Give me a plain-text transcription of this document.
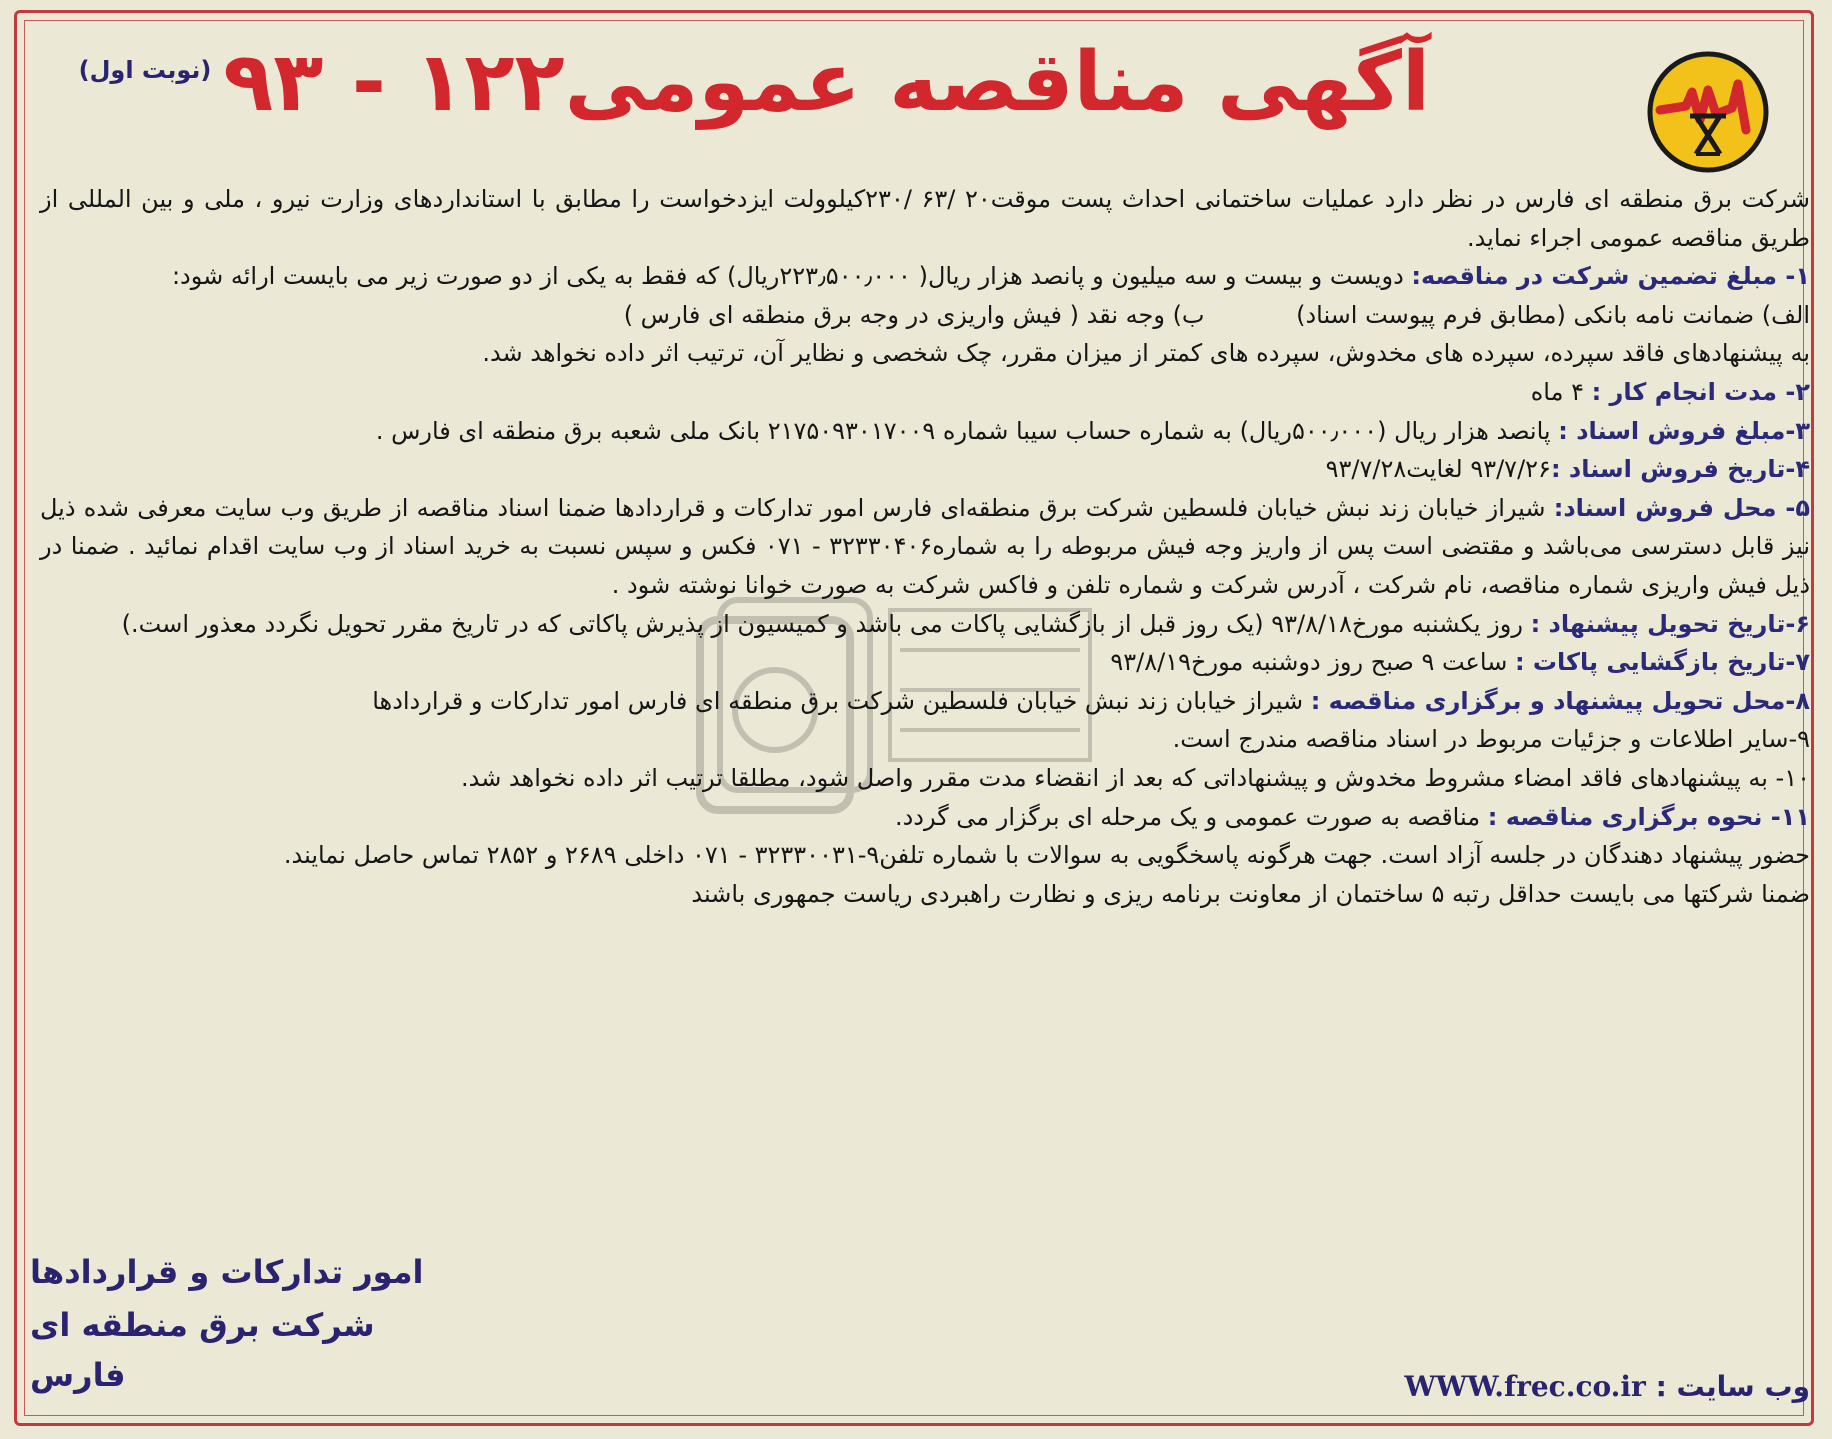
آگهی مناقصه عمومی۱۲۲ - ۹۳
(نوبت اول)

شرکت برق منطقه ای فارس در نظر دارد عملیات ساختمانی احداث پست موقت۲۰ /۶۳ /۲۳۰کیلوولت ایزدخواست را مطابق با استانداردهای وزارت نیرو ، ملی و بین المللی از طریق مناقصه عمومی اجراء نماید.

۱- مبلغ تضمین شرکت در مناقصه: دویست و بیست و سه میلیون و پانصد هزار ریال( ۲۲۳٫۵۰۰٫۰۰۰ریال) که فقط به یکی از دو صورت زیر می بایست ارائه شود:

الف) ضمانت نامه بانکی (مطابق فرم پیوست اسناد)            ب) وجه نقد ( فیش واریزی در وجه برق منطقه ای فارس )

به پیشنهادهای فاقد سپرده، سپرده های مخدوش، سپرده های کمتر از میزان مقرر، چک شخصی و نظایر آن، ترتیب اثر داده نخواهد شد.

۲- مدت انجام کار : ۴ ماه

۳-مبلغ فروش اسناد : پانصد هزار ریال (۵۰۰٫۰۰۰ریال) به شماره حساب سیبا شماره ۲۱۷۵۰۹۳۰۱۷۰۰۹ بانک ملی شعبه برق منطقه ای فارس .

۴-تاریخ فروش اسناد :۹۳/۷/۲۶ لغایت۹۳/۷/۲۸

۵- محل فروش اسناد: شیراز خیابان زند نبش خیابان فلسطین شرکت برق منطقه‌ای فارس امور تدارکات و قراردادها ضمنا اسناد مناقصه از طریق وب سایت معرفی شده ذیل نیز قابل دسترسی می‌باشد و مقتضی است پس از واریز وجه فیش مربوطه را به شماره۳۲۳۳۰۴۰۶ - ۰۷۱ فکس و سپس نسبت به خرید اسناد از وب سایت اقدام نمائید . ضمنا در ذیل فیش واریزی شماره مناقصه، نام شرکت ، آدرس شرکت و شماره تلفن و فاکس شرکت به صورت خوانا نوشته شود .

۶-تاریخ تحویل پیشنهاد : روز یکشنبه مورخ۹۳/۸/۱۸ (یک روز قبل از بازگشایی پاکات می باشد و کمیسیون از پذیرش پاکاتی که در تاریخ مقرر تحویل نگردد معذور است.)

۷-تاریخ بازگشایی پاکات : ساعت ۹ صبح روز دوشنبه مورخ۹۳/۸/۱۹

۸-محل تحویل پیشنهاد و برگزاری مناقصه : شیراز خیابان زند نبش خیابان فلسطین شرکت برق منطقه ای فارس امور تدارکات و قراردادها

۹-سایر اطلاعات و جزئیات مربوط در اسناد مناقصه مندرج است.

۱۰- به پیشنهادهای فاقد امضاء مشروط مخدوش و پیشنهاداتی که بعد از انقضاء مدت مقرر واصل شود، مطلقا ترتیب اثر داده نخواهد شد.

۱۱- نحوه برگزاری مناقصه : مناقصه به صورت عمومی و یک مرحله ای برگزار می گردد.

حضور پیشنهاد دهندگان در جلسه آزاد است. جهت هرگونه پاسخگویی به سوالات با شماره تلفن۹-۳۲۳۳۰۰۳۱ - ۰۷۱ داخلی ۲۶۸۹ و ۲۸۵۲ تماس حاصل نمایند.

ضمنا شرکتها می بایست حداقل رتبه ۵ ساختمان از معاونت برنامه ریزی و نظارت راهبردی ریاست جمهوری باشند

امور تدارکات و قراردادها
شرکت برق منطقه ای فارس	وب سایت : WWW.frec.co.ir
